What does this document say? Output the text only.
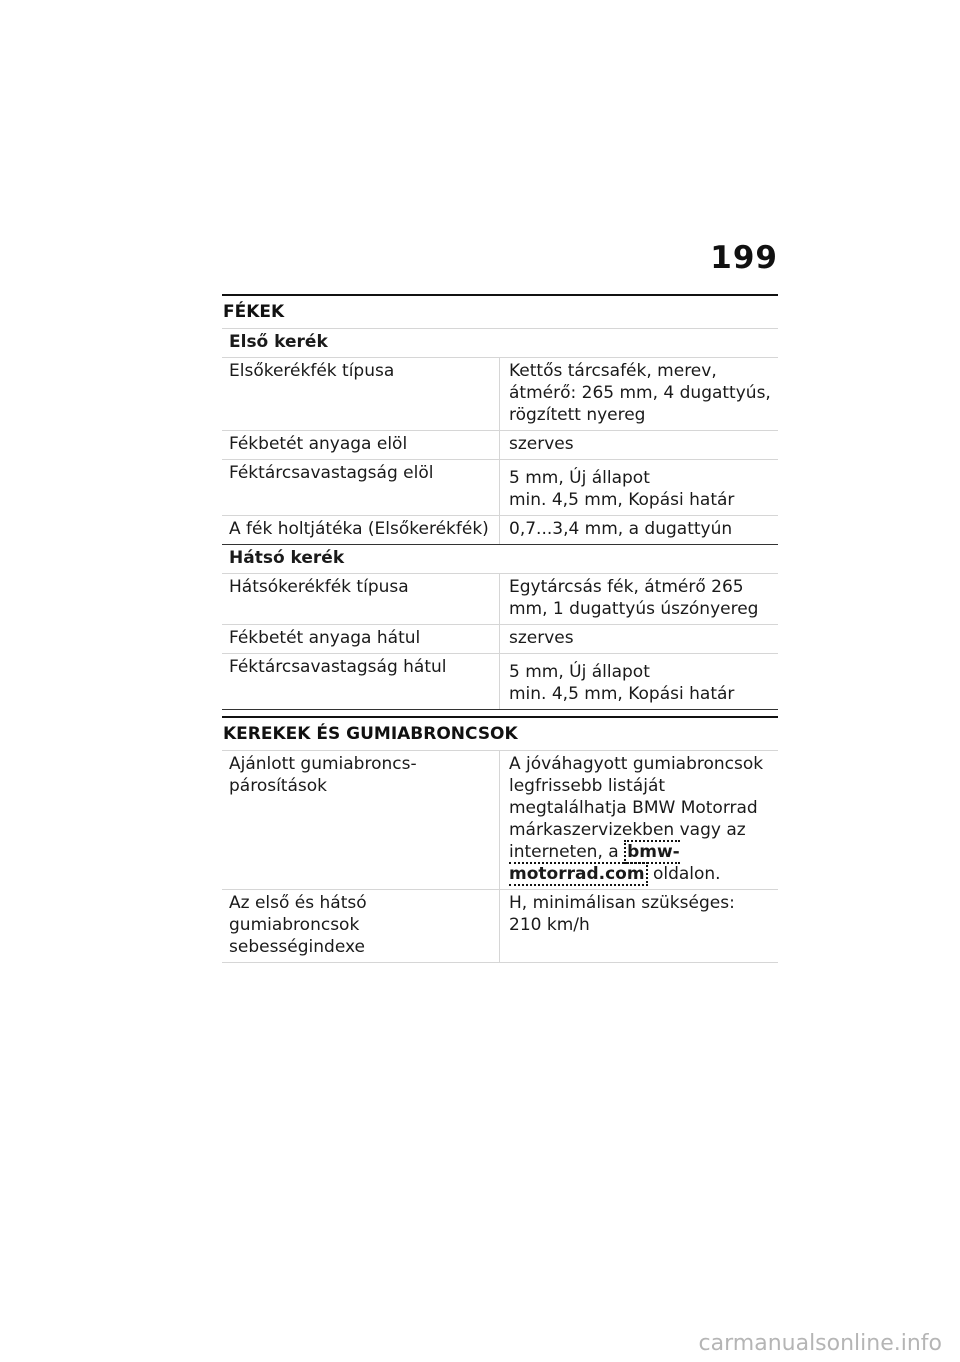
199
FÉKEK
Első kerék	
Elsőkerékfék típusa	Kettős tárcsafék, merev, átmérő: 265 mm, 4 dugattyús, rögzített nyereg
Fékbetét anyaga elöl	szerves
Féktárcsavastagság elöl	5 mm, Új állapot
min. 4,5 mm, Kopási határ

A fék holtjátéka (Elsőkerékfék)	0,7...3,4 mm, a dugattyún
Hátsó kerék	
Hátsókerékfék típusa	Egytárcsás fék, átmérő 265 mm, 1 dugattyús úszónyereg
Fékbetét anyaga hátul	szerves
Féktárcsavastagság hátul	5 mm, Új állapot
min. 4,5 mm, Kopási határ
KEREKEK ÉS GUMIABRONCSOK
Ajánlott gumiabroncs-párosítások	A jóváhagyott gumiabroncsok legfrissebb listáját megtalálhatja BMW Motorrad márkaszervizekben vagy az interneten, a bmw-motorrad.com oldalon.
Az első és hátsó gumiabroncsok sebességindexe	H, minimálisan szükséges:
210 km/h
carmanualsonline.info
